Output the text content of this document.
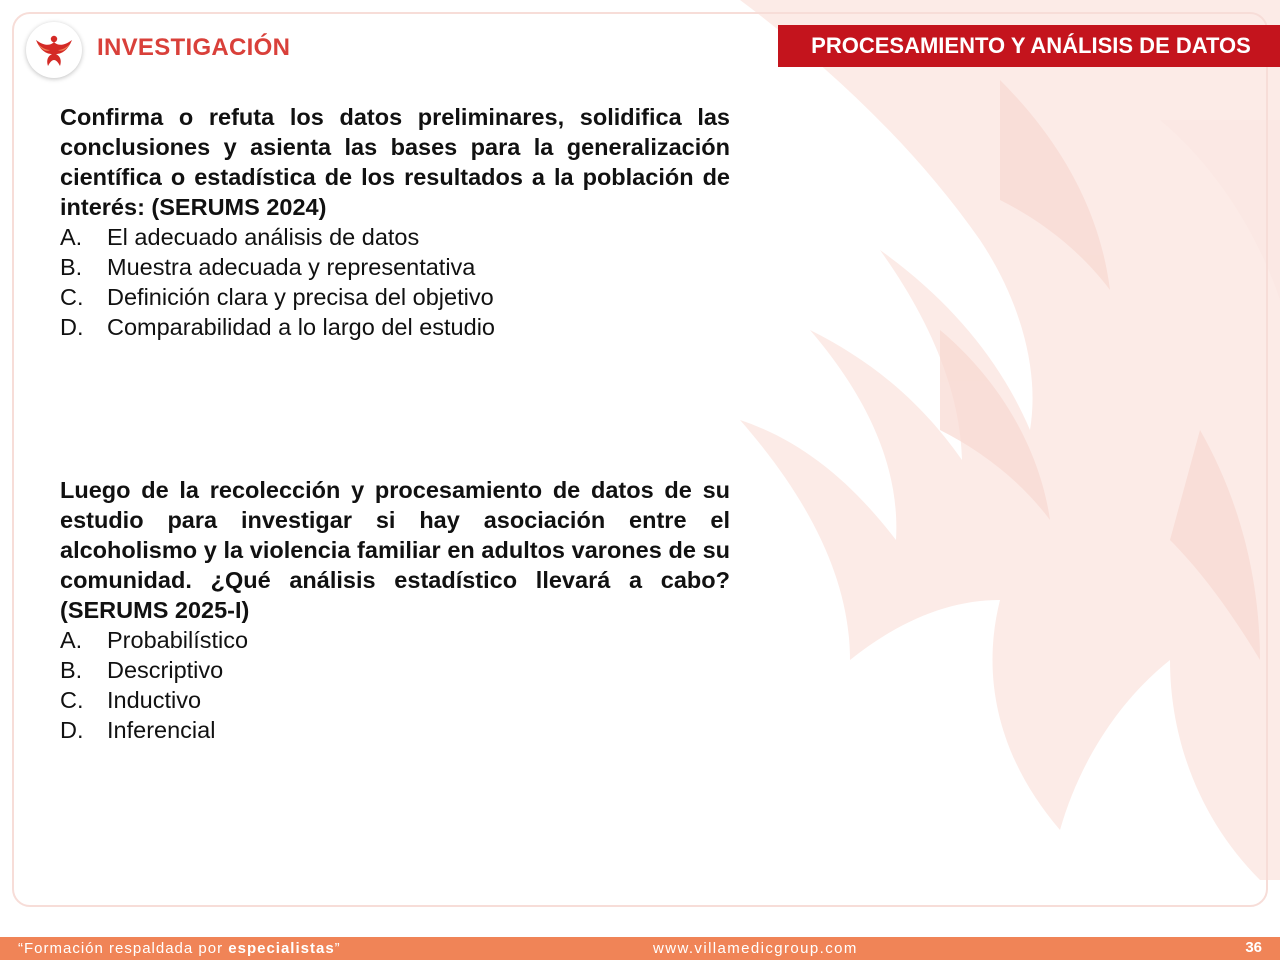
INVESTIGACIÓN	PROCESAMIENTO Y ANÁLISIS DE DATOS

Confirma o refuta los datos preliminares, solidifica las conclusiones y asienta las bases para la generalización científica o estadística de los resultados a la población de interés: (SERUMS 2024)

A.	El adecuado análisis de datos
B.	Muestra adecuada y representativa
C.	Definición clara y precisa del objetivo
D.	Comparabilidad a lo largo del estudio

Luego de la recolección y procesamiento de datos de su estudio para investigar si hay asociación entre el alcoholismo y la violencia familiar en adultos varones de su comunidad. ¿Qué análisis estadístico llevará a cabo? (SERUMS 2025-I)

A.	Probabilístico
B.	Descriptivo
C.	Inductivo
D.	Inferencial
“Formación respaldada por especialistas”	www.villamedicgroup.com	36
